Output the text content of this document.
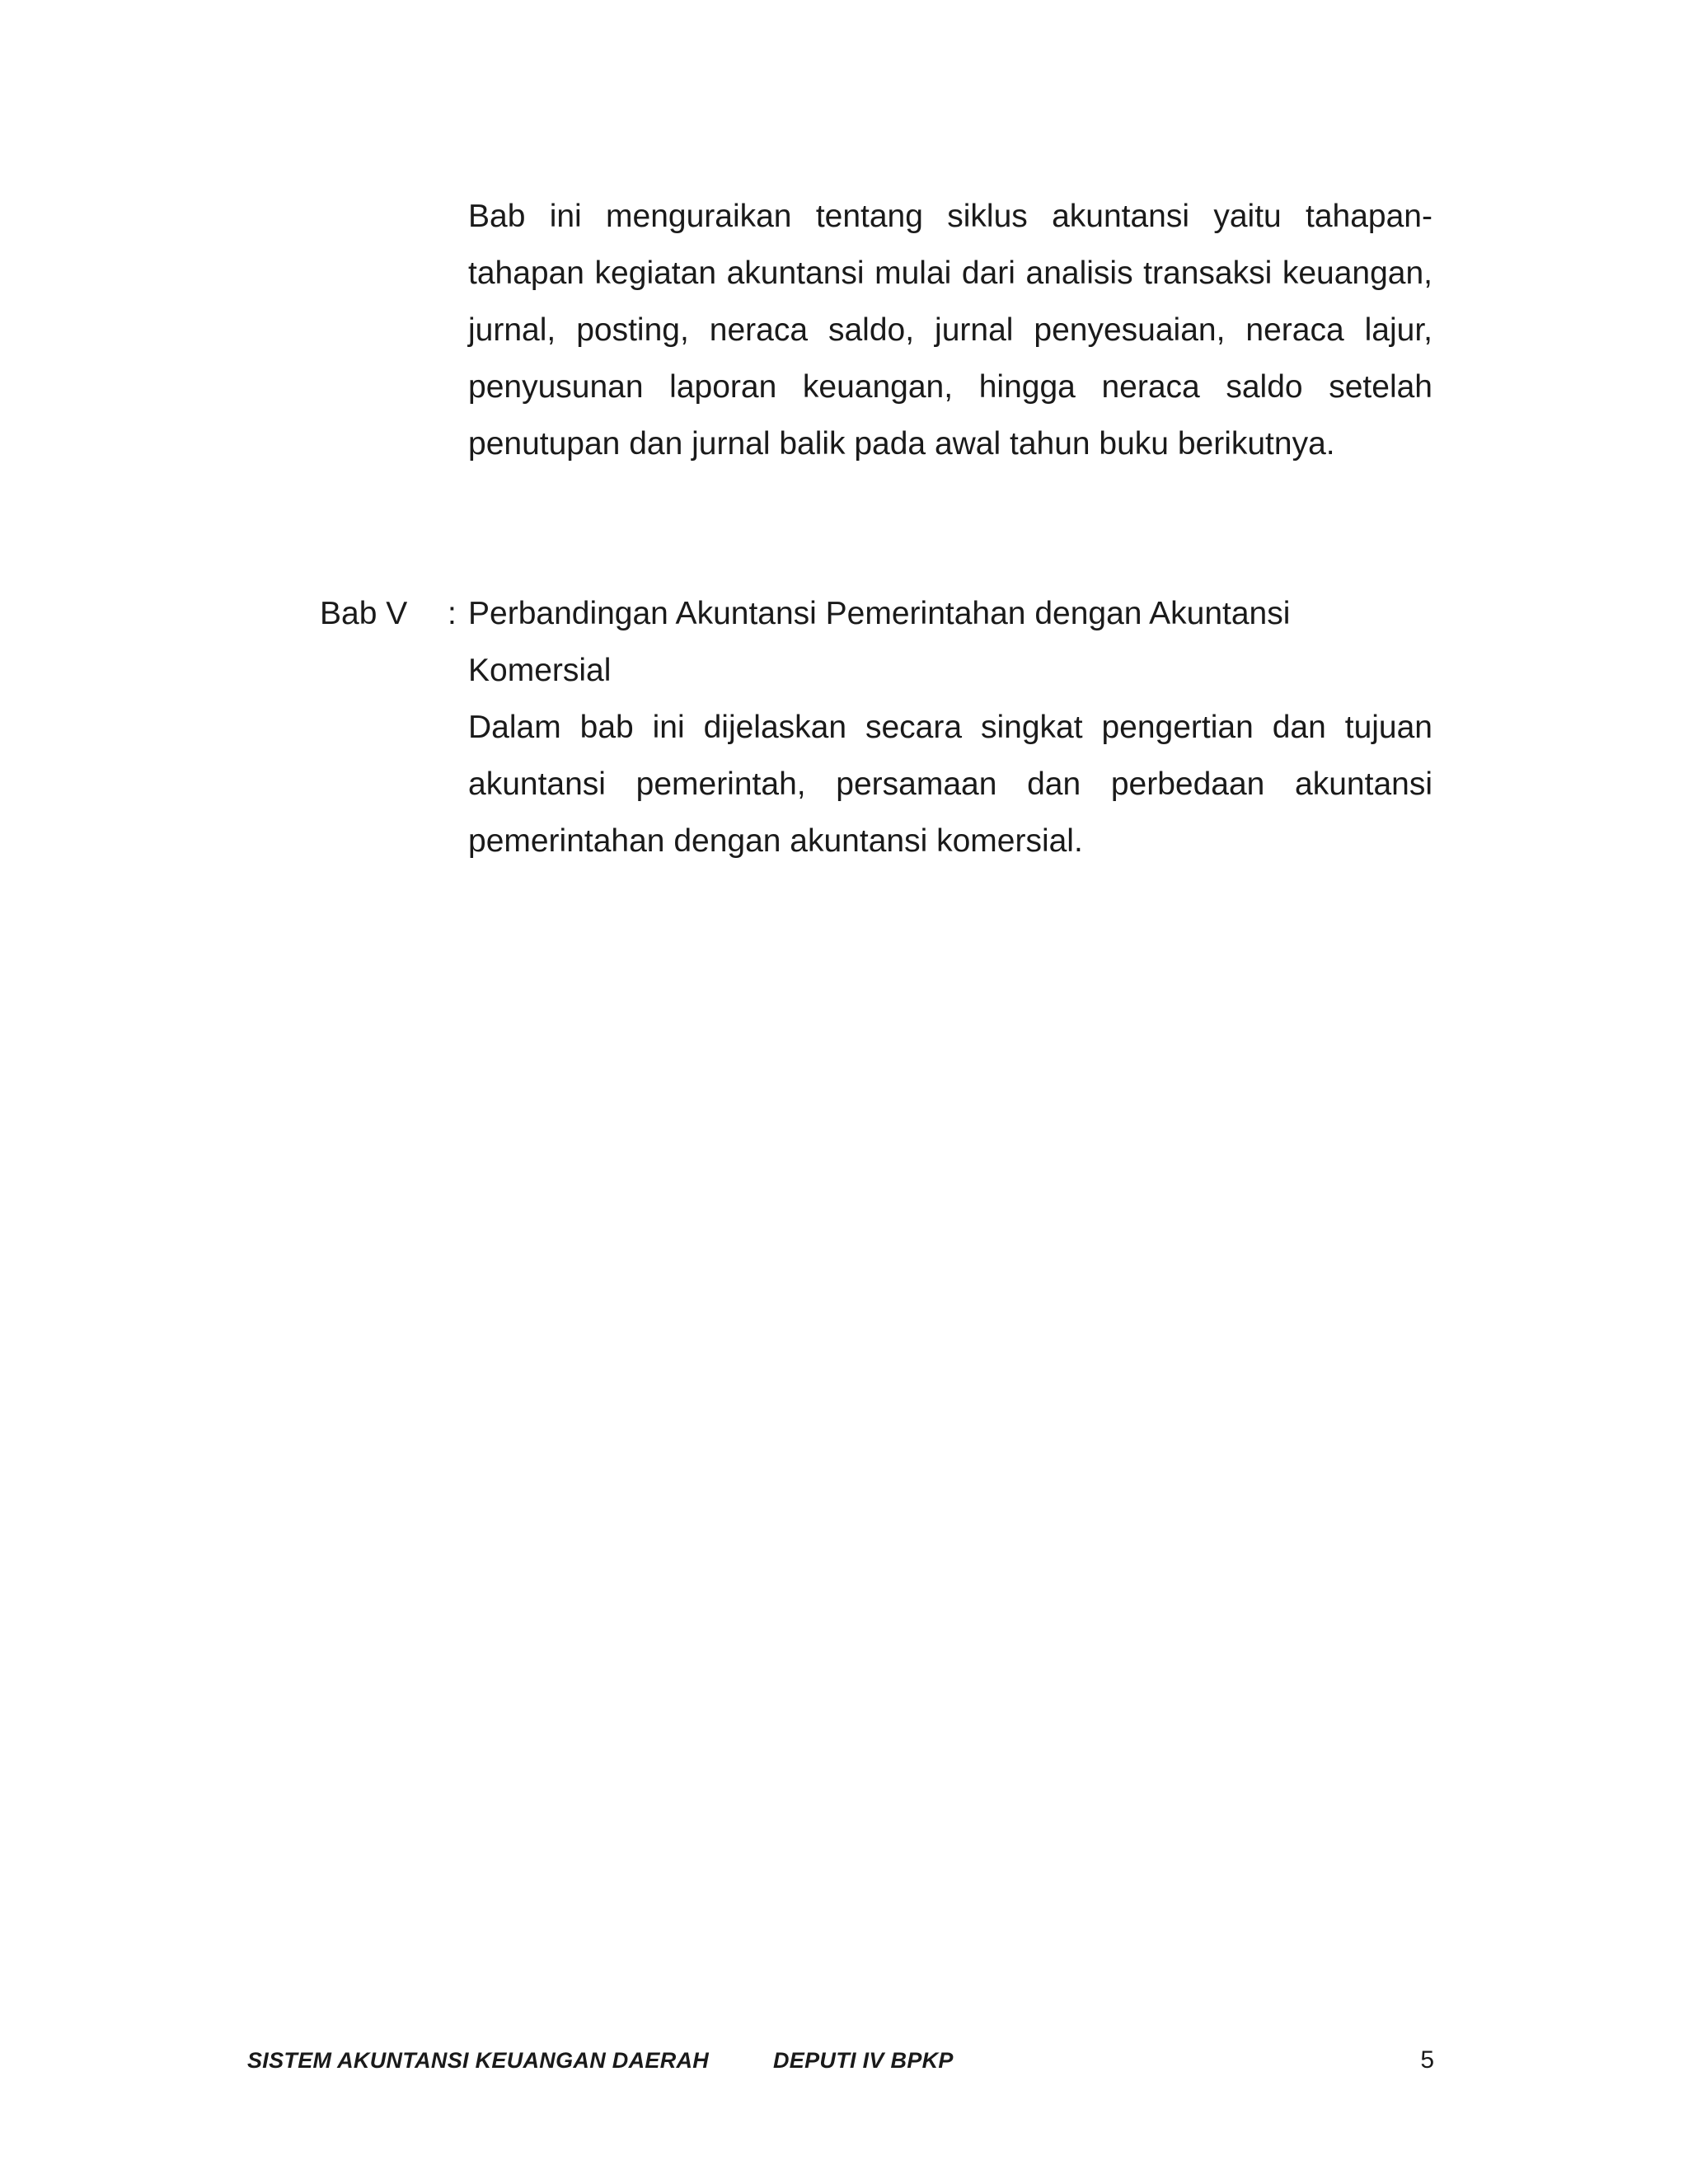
Bab ini menguraikan tentang siklus akuntansi yaitu tahapan-tahapan kegiatan akuntansi mulai dari analisis transaksi keuangan, jurnal, posting, neraca saldo, jurnal penyesuaian, neraca lajur, penyusunan laporan keuangan, hingga neraca saldo setelah penutupan dan jurnal balik pada awal tahun buku berikutnya.

Bab V	: Perbandingan Akuntansi Pemerintahan dengan Akuntansi
Komersial

Dalam bab ini dijelaskan secara singkat pengertian dan tujuan akuntansi pemerintah, persamaan dan perbedaan akuntansi pemerintahan dengan akuntansi komersial.

SISTEM AKUNTANSI KEUANGAN DAERAH	DEPUTI IV BPKP	5
